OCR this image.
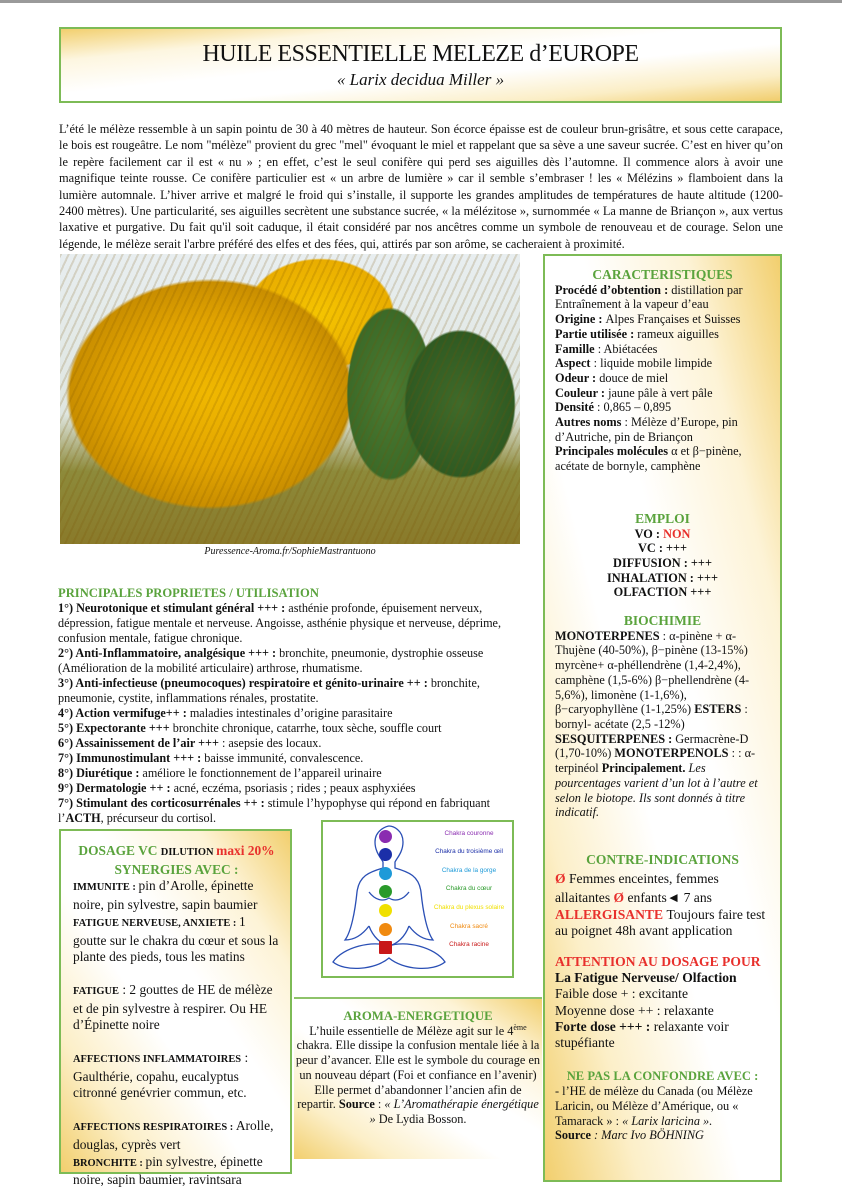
HUILE ESSENTIELLE MELEZE d’EUROPE
« Larix decidua Miller »
L’été le mélèze ressemble à un sapin pointu de 30 à 40 mètres de hauteur. Son écorce épaisse est de couleur brun-grisâtre, et sous cette carapace, le bois est rougeâtre. Le nom "mélèze" provient du grec "mel" évoquant le miel et rappelant que sa sève a une saveur sucrée. C’est en hiver qu’on le repère facilement car il est « nu » ; en effet, c’est le seul conifère qui perd ses aiguilles dès l’automne. Il commence alors à avoir une magnifique teinte rousse. Ce conifère particulier est « un arbre de lumière » car il semble s’embraser ! les « Mélézins » flamboient dans la lumière automnale. L’hiver arrive et malgré le froid qui s’installe, il supporte les grandes amplitudes de températures de haute altitude (1200-2400 mètres). Une particularité, ses aiguilles secrètent une substance sucrée, « la mélézitose », surnommée « La manne de Briançon », aux vertus laxative et purgative. Du fait qu'il soit caduque, il était considéré par nos ancêtres comme un symbole de renouveau et de courage. Selon une légende, le mélèze serait l'arbre préféré des elfes et des fées, qui, attirés par son arôme, se cacheraient à proximité.
Puressence-Aroma.fr/SophieMastrantuono
PRINCIPALES PROPRIETES / UTILISATION

1°) Neurotonique et stimulant général +++ : asthénie profonde, épuisement nerveux, dépression, fatigue mentale et nerveuse. Angoisse, asthénie physique et nerveuse, déprime, confusion mentale, fatigue chronique.

2°) Anti-Inflammatoire, analgésique +++ : bronchite, pneumonie, dystrophie osseuse (Amélioration de la mobilité articulaire) arthrose, rhumatisme.

3°) Anti-infectieuse (pneumocoques) respiratoire et génito-urinaire ++ : bronchite, pneumonie, cystite, inflammations rénales, prostatite.

4°) Action vermifuge++ : maladies intestinales d’origine parasitaire

5°) Expectorante +++ bronchite chronique, catarrhe, toux sèche, souffle court

6°) Assainissement de l’air +++ : asepsie des locaux.

7°) Immunostimulant +++ : baisse immunité, convalescence.

8°) Diurétique : améliore le fonctionnement de l’appareil urinaire

9°) Dermatologie ++ : acné, eczéma, psoriasis ; rides ; peaux asphyxiées

7°) Stimulant des corticosurrénales ++ : stimule l’hypophyse qui répond en fabriquant l’ACTH, précurseur du cortisol.

CARACTERISTIQUES

Procédé d’obtention : distillation par Entraînement à la vapeur d’eau

Origine : Alpes Françaises et Suisses

Partie utilisée : rameux aiguilles

Famille : Abiétacées

Aspect : liquide mobile limpide

Odeur : douce de miel

Couleur : jaune pâle à vert pâle

Densité : 0,865 – 0,895

Autres noms : Mélèze d’Europe, pin d’Autriche, pin de Briançon

Principales molécules α et β−pinène, acétate de bornyle, camphène

EMPLOI

VO : NON

VC : +++

DIFFUSION : +++

INHALATION : +++

OLFACTION +++

BIOCHIMIE

MONOTERPENES : α-pinène + α-Thujène (40-50%), β−pinène (13-15%) myrcène+ α-phéllendrène (1,4-2,4%), camphène (1,5-6%) β−phellendrène (4-5,6%), limonène (1-1,6%), β−caryophyllène (1-1,25%) ESTERS : bornyl- acétate (2,5 -12%) SESQUITERPENES : Germacrène-D (1,70-10%) MONOTERPENOLS : : α-terpinéol Principalement. Les pourcentages varient d’un lot à l’autre et selon le biotope. Ils sont donnés à titre indicatif.

CONTRE-INDICATIONS

Ø Femmes enceintes, femmes allaitantes Ø enfants◄ 7 ans

ALLERGISANTE Toujours faire test au poignet 48h avant application

ATTENTION AU DOSAGE POUR

La Fatigue Nerveuse/ Olfaction

Faible dose + : excitante

Moyenne dose ++ : relaxante

Forte dose +++ : relaxante voir stupéfiante

NE PAS LA CONFONDRE AVEC :

- l’HE de mélèze du Canada (ou Mélèze Laricin, ou Mélèze d’Amérique, ou « Tamarack » : « Larix laricina ».

Source : Marc Ivo BÖHNING

DOSAGE VC DILUTION maxi 20%

SYNERGIES AVEC :

IMMUNITE : pin d’Arolle, épinette noire, pin sylvestre, sapin baumier

FATIGUE NERVEUSE, ANXIETE : 1 goutte sur le chakra du cœur et sous la plante des pieds, tous les matins

FATIGUE : 2 gouttes de HE de mélèze et de pin sylvestre à respirer. Ou HE d’Épinette noire

AFFECTIONS INFLAMMATOIRES : Gaulthérie, copahu, eucalyptus citronné genévrier commun, etc.

AFFECTIONS RESPIRATOIRES : Arolle, douglas, cyprès vert

BRONCHITE : pin sylvestre, épinette noire, sapin baumier, ravintsara

Chakra couronne
Chakra du troisième œil
Chakra de la gorge
Chakra du cœur
Chakra du plexus solaire
Chakra sacré
Chakra racine

AROMA-ENERGETIQUE

L’huile essentielle de Mélèze agit sur le 4ème chakra. Elle dissipe la confusion mentale liée à la peur d’avancer. Elle est le symbole du courage en un nouveau départ (Foi et confiance en l’avenir) Elle permet d’abandonner l’ancien afin de repartir. Source : « L’Aromathérapie énergétique » De Lydia Bosson.
